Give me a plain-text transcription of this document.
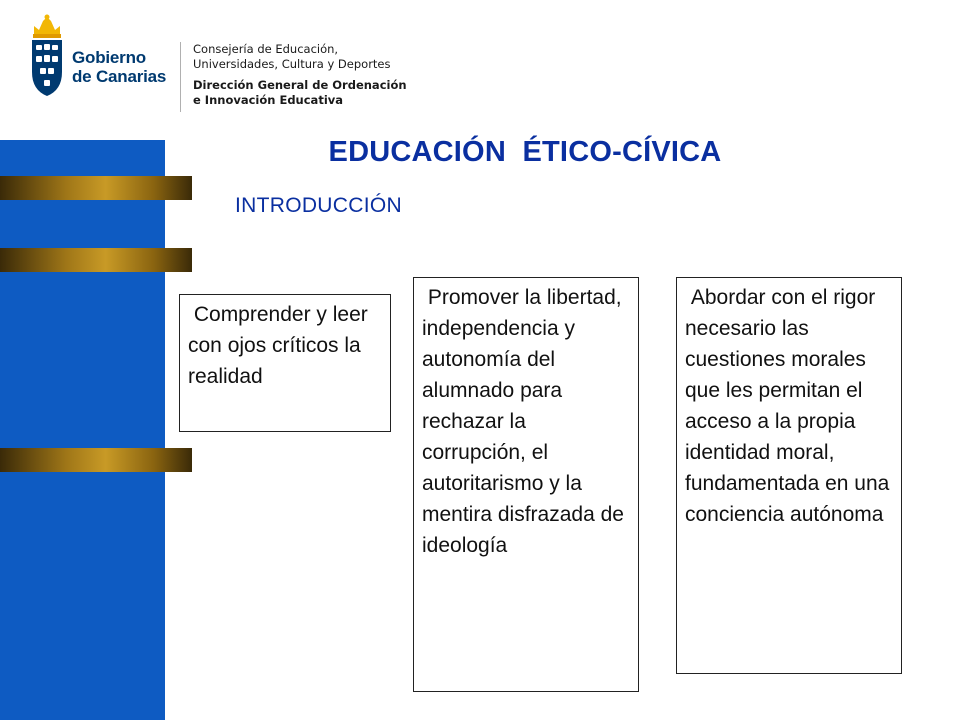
Gobierno
de Canarias
Consejería de Educación,
Universidades, Cultura y Deportes
Dirección General de Ordenación
e Innovación Educativa
EDUCACIÓN  ÉTICO-CÍVICA
INTRODUCCIÓN
Comprender y leer con ojos críticos la realidad
Promover la libertad, independencia y autonomía del alumnado para rechazar la corrupción, el autoritarismo y la mentira disfrazada de ideología
Abordar con el rigor necesario las cuestiones morales que les permitan el acceso a la propia identidad moral, fundamentada en una conciencia autónoma
